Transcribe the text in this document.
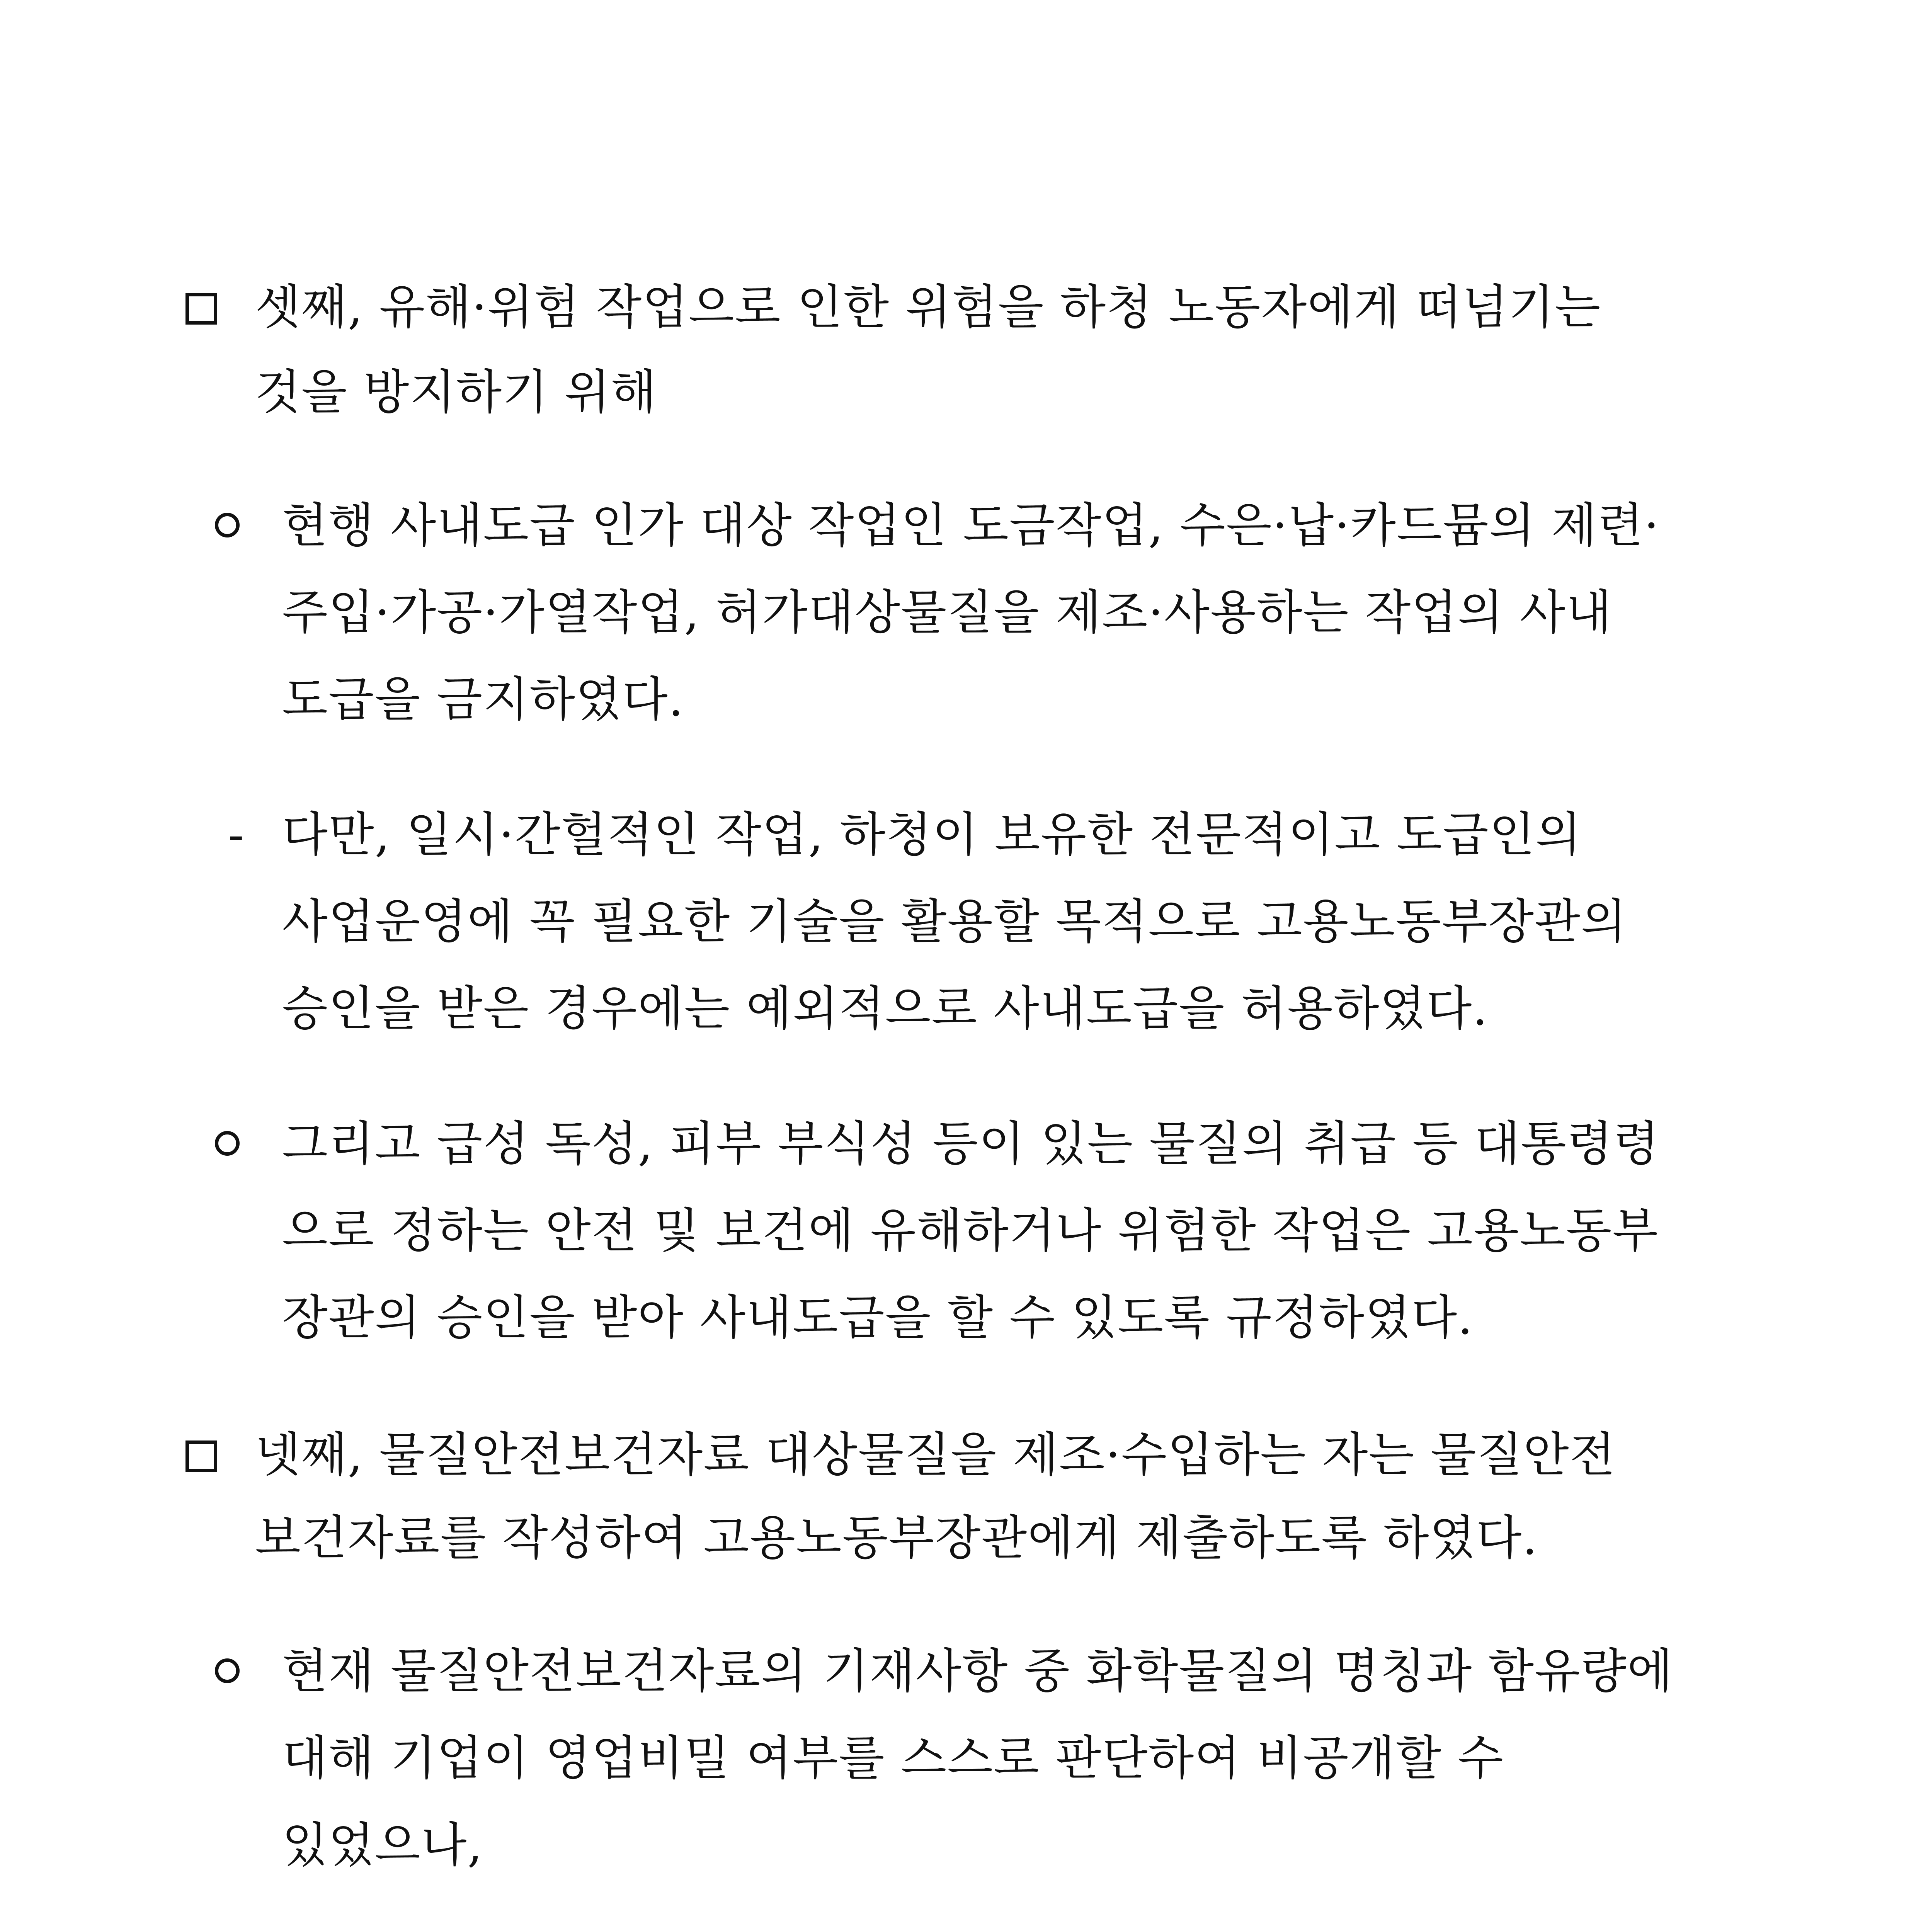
셋째, 유해·위험 작업으로 인한 위험을 하청 노동자에게 떠넘기는
것을 방지하기 위해
현행 사내도급 인가 대상 작업인 도금작업, 수은·납·카드뮴의 제련·
주입·가공·가열작업, 허가대상물질을 제조·사용하는 작업의 사내
도급을 금지하였다.
- 다만, 일시·간헐적인 작업, 하청이 보유한 전문적이고 도급인의
사업운영에 꼭 필요한 기술을 활용할 목적으로 고용노동부장관의
승인을 받은 경우에는 예외적으로 사내도급을 허용하였다.
그리고 급성 독성, 피부 부식성 등이 있는 물질의 취급 등 대통령령
으로 정하는 안전 및 보건에 유해하거나 위험한 작업은 고용노동부
장관의 승인을 받아 사내도급을 할 수 있도록 규정하였다.
넷째, 물질안전보건자료 대상물질을 제조·수입하는 자는 물질안전
보건자료를 작성하여 고용노동부장관에게 제출하도록 하였다.
현재 물질안전보건자료의 기재사항 중 화학물질의 명칭과 함유량에
대해 기업이 영업비밀 여부를 스스로 판단하여 비공개할 수
있었으나,
